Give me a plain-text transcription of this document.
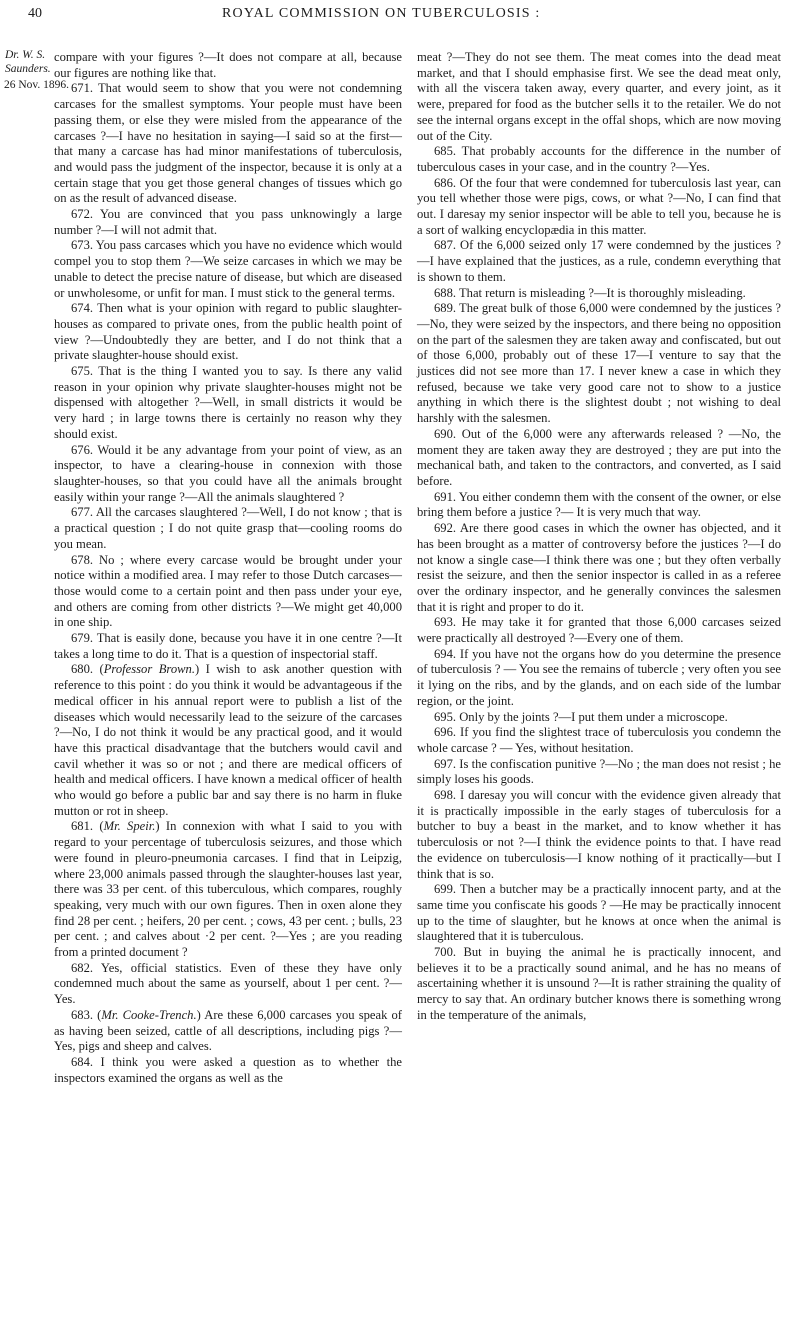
40	ROYAL COMMISSION ON TUBERCULOSIS :
Dr. W. S.
Saunders.
26 Nov. 1896.

compare with your figures ?—It does not compare at all, because our figures are nothing like that.

671. That would seem to show that you were not condemning carcases for the smallest symptoms. Your people must have been passing them, or else they were misled from the appearance of the carcases ?—I have no hesitation in saying—I said so at the first—that many a carcase has had minor manifestations of tuberculosis, and would pass the judgment of the inspector, because it is only at a certain stage that you get those general changes of tissues which go on as the result of advanced disease.

672. You are convinced that you pass unknowingly a large number ?—I will not admit that.

673. You pass carcases which you have no evidence which would compel you to stop them ?—We seize carcases in which we may be unable to detect the precise nature of disease, but which are diseased or unwholesome, or unfit for man. I must stick to the general terms.

674. Then what is your opinion with regard to public slaughter-houses as compared to private ones, from the public health point of view ?—Undoubtedly they are better, and I do not think that a private slaughter-house should exist.

675. That is the thing I wanted you to say. Is there any valid reason in your opinion why private slaughter-houses might not be dispensed with altogether ?—Well, in small districts it would be very hard ; in large towns there is certainly no reason why they should exist.

676. Would it be any advantage from your point of view, as an inspector, to have a clearing-house in connexion with those slaughter-houses, so that you could have all the animals brought easily within your range ?—All the animals slaughtered ?

677. All the carcases slaughtered ?—Well, I do not know ; that is a practical question ; I do not quite grasp that—cooling rooms do you mean.

678. No ; where every carcase would be brought under your notice within a modified area. I may refer to those Dutch carcases—those would come to a certain point and then pass under your eye, and others are coming from other districts ?—We might get 40,000 in one ship.

679. That is easily done, because you have it in one centre ?—It takes a long time to do it. That is a question of inspectorial staff.

680. (Professor Brown.) I wish to ask another question with reference to this point : do you think it would be advantageous if the medical officer in his annual report were to publish a list of the diseases which would necessarily lead to the seizure of the carcases ?—No, I do not think it would be any practical good, and it would have this practical disadvantage that the butchers would cavil and cavil whether it was so or not ; and there are medical officers of health and medical officers. I have known a medical officer of health who would go before a public bar and say there is no harm in fluke mutton or rot in sheep.

681. (Mr. Speir.) In connexion with what I said to you with regard to your percentage of tuberculosis seizures, and those which were found in pleuro-pneumonia carcases. I find that in Leipzig, where 23,000 animals passed through the slaughter-houses last year, there was 33 per cent. of this tuberculous, which compares, roughly speaking, very much with our own figures. Then in oxen alone they find 28 per cent. ; heifers, 20 per cent. ; cows, 43 per cent. ; bulls, 23 per cent. ; and calves about ·2 per cent. ?—Yes ; are you reading from a printed document ?

682. Yes, official statistics. Even of these they have only condemned much about the same as yourself, about 1 per cent. ?—Yes.

683. (Mr. Cooke-Trench.) Are these 6,000 carcases you speak of as having been seized, cattle of all descriptions, including pigs ?—Yes, pigs and sheep and calves.

684. I think you were asked a question as to whether the inspectors examined the organs as well as the

meat ?—They do not see them. The meat comes into the dead meat market, and that I should emphasise first. We see the dead meat only, with all the viscera taken away, every quarter, and every joint, as it were, prepared for food as the butcher sells it to the retailer. We do not see the internal organs except in the offal shops, which are now moving out of the City.

685. That probably accounts for the difference in the number of tuberculous cases in your case, and in the country ?—Yes.

686. Of the four that were condemned for tuberculosis last year, can you tell whether those were pigs, cows, or what ?—No, I can find that out. I daresay my senior inspector will be able to tell you, because he is a sort of walking encyclopædia in this matter.

687. Of the 6,000 seized only 17 were condemned by the justices ?—I have explained that the justices, as a rule, condemn everything that is shown to them.

688. That return is misleading ?—It is thoroughly misleading.

689. The great bulk of those 6,000 were condemned by the justices ?—No, they were seized by the inspectors, and there being no opposition on the part of the salesmen they are taken away and confiscated, but out of those 6,000, probably out of these 17—I venture to say that the justices did not see more than 17. I never knew a case in which they refused, because we take very good care not to show to a justice anything in which there is the slightest doubt ; not wishing to deal harshly with the salesmen.

690. Out of the 6,000 were any afterwards released ? —No, the moment they are taken away they are destroyed ; they are put into the mechanical bath, and taken to the contractors, and converted, as I said before.

691. You either condemn them with the consent of the owner, or else bring them before a justice ?— It is very much that way.

692. Are there good cases in which the owner has objected, and it has been brought as a matter of controversy before the justices ?—I do not know a single case—I think there was one ; but they often verbally resist the seizure, and then the senior inspector is called in as a referee over the ordinary inspector, and he generally convinces the salesmen that it is right and proper to do it.

693. He may take it for granted that those 6,000 carcases seized were practically all destroyed ?—Every one of them.

694. If you have not the organs how do you determine the presence of tuberculosis ? — You see the remains of tubercle ; very often you see it lying on the ribs, and by the glands, and on each side of the lumbar region, or the joint.

695. Only by the joints ?—I put them under a microscope.

696. If you find the slightest trace of tuberculosis you condemn the whole carcase ? — Yes, without hesitation.

697. Is the confiscation punitive ?—No ; the man does not resist ; he simply loses his goods.

698. I daresay you will concur with the evidence given already that it is practically impossible in the early stages of tuberculosis for a butcher to buy a beast in the market, and to know whether it has tuberculosis or not ?—I think the evidence points to that. I have read the evidence on tuberculosis—I know nothing of it practically—but I think that is so.

699. Then a butcher may be a practically innocent party, and at the same time you confiscate his goods ? —He may be practically innocent up to the time of slaughter, but he knows at once when the animal is slaughtered that it is tuberculous.

700. But in buying the animal he is practically innocent, and believes it to be a practically sound animal, and he has no means of ascertaining whether it is unsound ?—It is rather straining the quality of mercy to say that. An ordinary butcher knows there is something wrong in the temperature of the animals,
